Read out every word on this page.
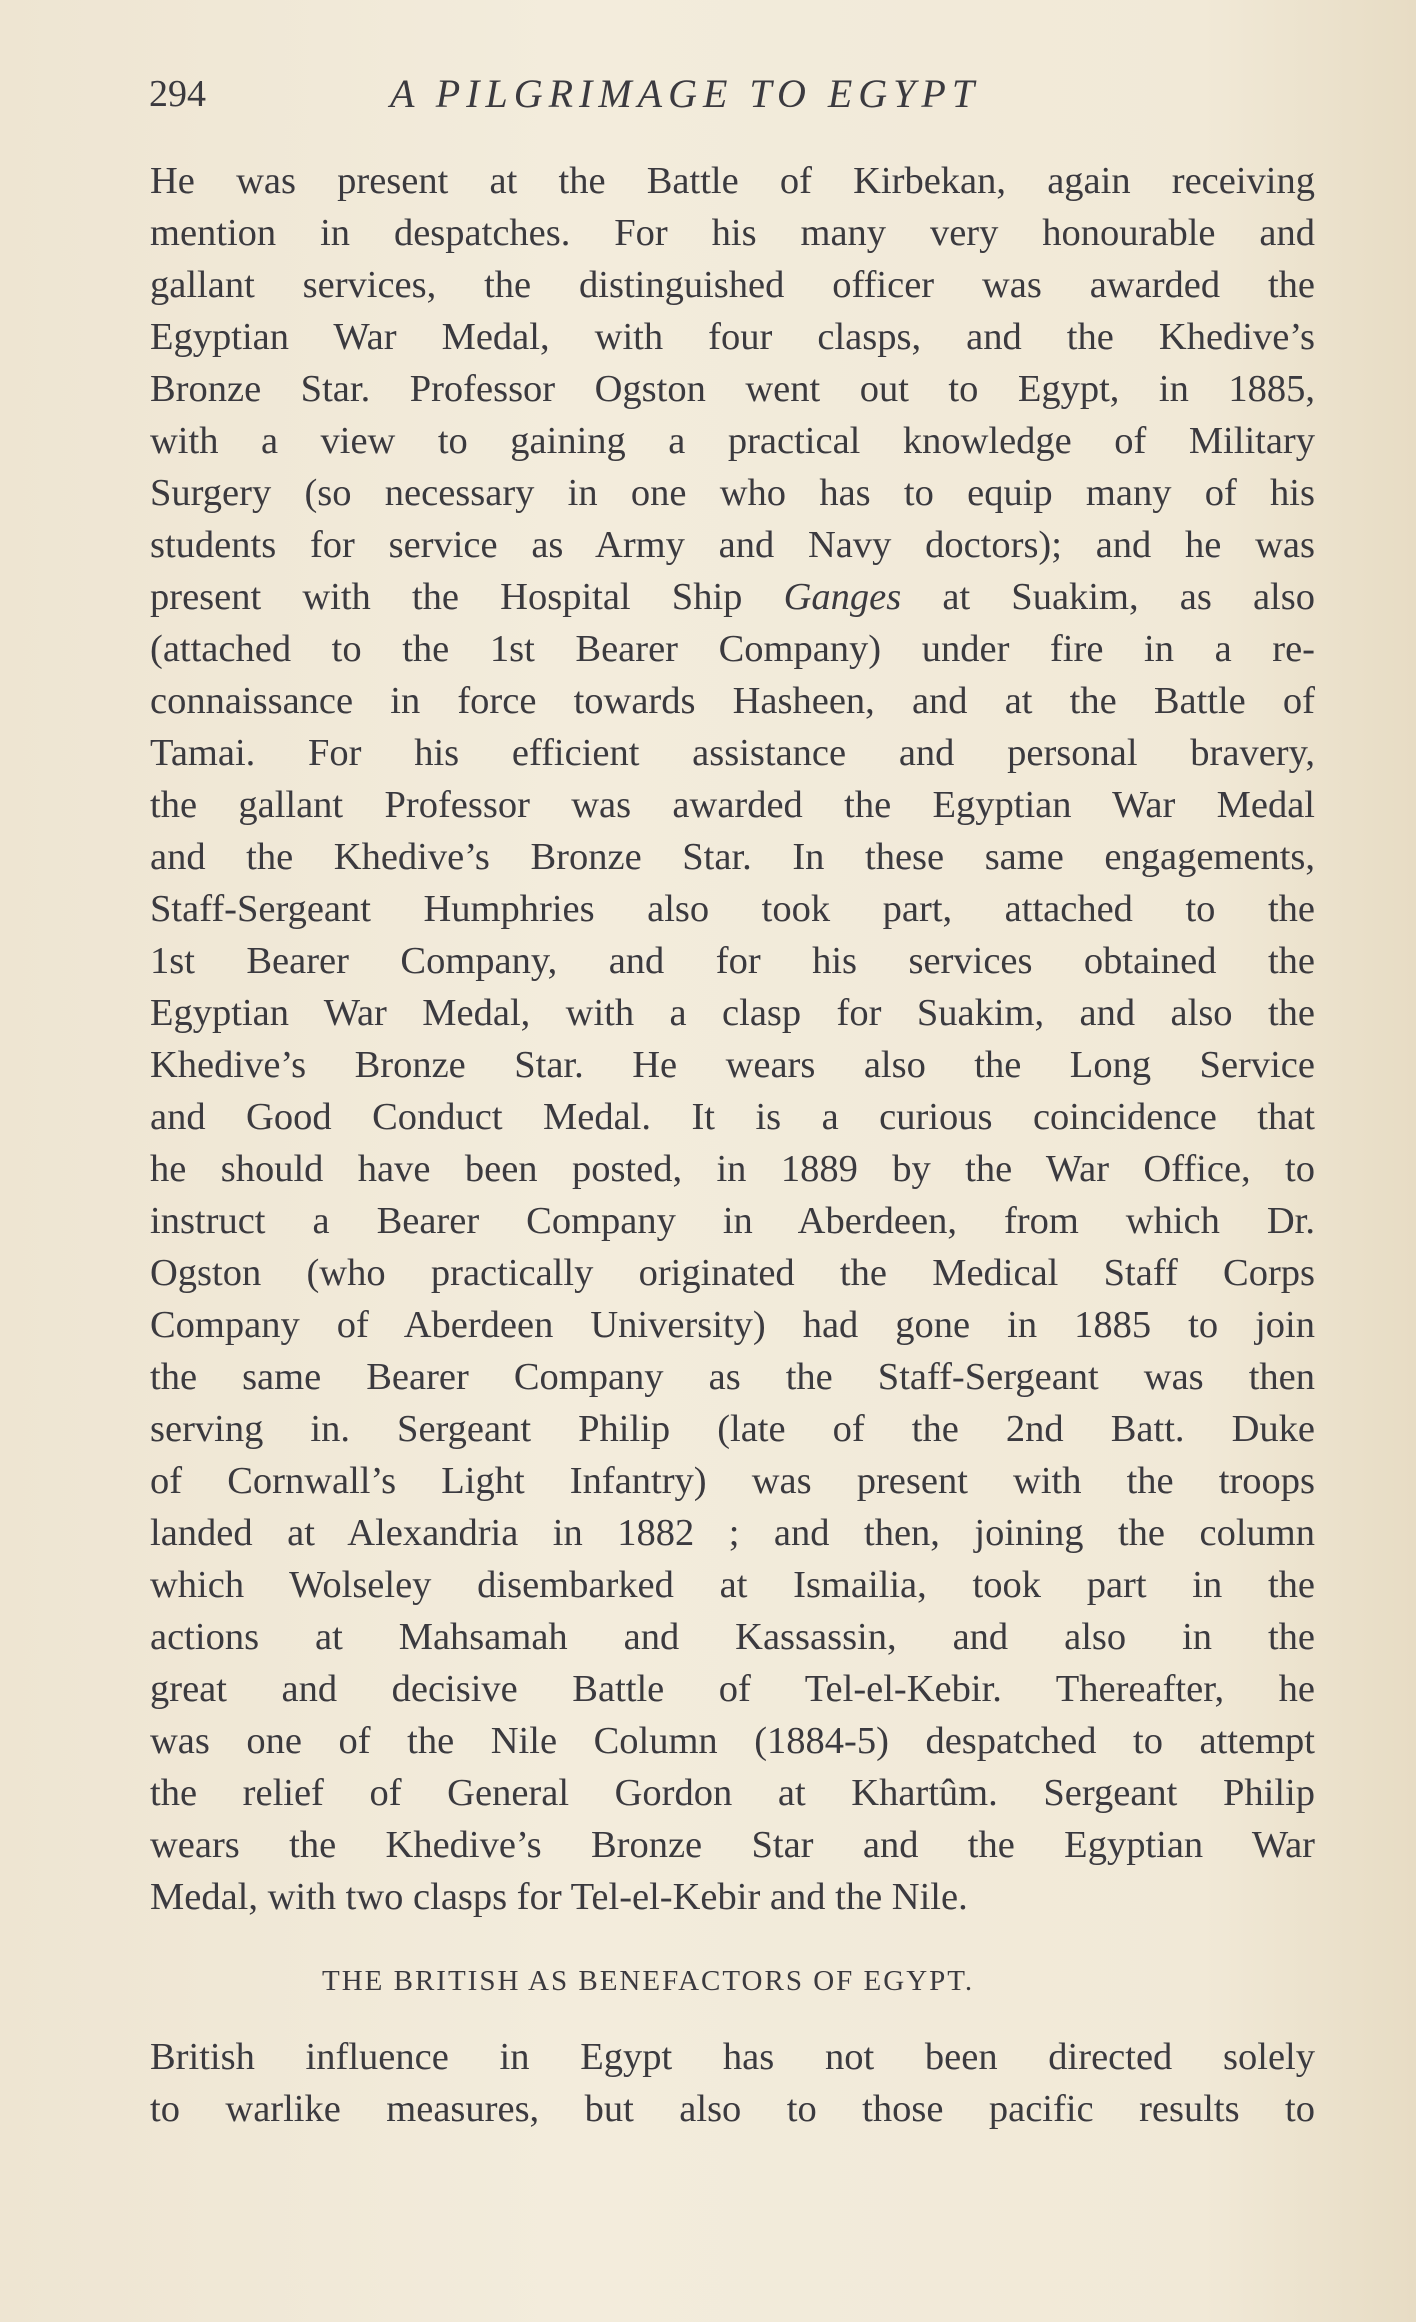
294	A PILGRIMAGE TO EGYPT
He was present at the Battle of Kirbekan, again receiving
mention in despatches. For his many very honourable and
gallant services, the distinguished officer was awarded the
Egyptian War Medal, with four clasps, and the Khedive’s
Bronze Star. Professor Ogston went out to Egypt, in 1885,
with a view to gaining a practical knowledge of Military
Surgery (so necessary in one who has to equip many of his
students for service as Army and Navy doctors); and he was
present with the Hospital Ship Ganges at Suakim, as also
(attached to the 1st Bearer Company) under fire in a re-
connaissance in force towards Hasheen, and at the Battle of
Tamai. For his efficient assistance and personal bravery,
the gallant Professor was awarded the Egyptian War Medal
and the Khedive’s Bronze Star. In these same engagements,
Staff-Sergeant Humphries also took part, attached to the
1st Bearer Company, and for his services obtained the
Egyptian War Medal, with a clasp for Suakim, and also the
Khedive’s Bronze Star. He wears also the Long Service
and Good Conduct Medal. It is a curious coincidence that
he should have been posted, in 1889 by the War Office, to
instruct a Bearer Company in Aberdeen, from which Dr.
Ogston (who practically originated the Medical Staff Corps
Company of Aberdeen University) had gone in 1885 to join
the same Bearer Company as the Staff-Sergeant was then
serving in. Sergeant Philip (late of the 2nd Batt. Duke
of Cornwall’s Light Infantry) was present with the troops
landed at Alexandria in 1882 ; and then, joining the column
which Wolseley disembarked at Ismailia, took part in the
actions at Mahsamah and Kassassin, and also in the
great and decisive Battle of Tel-el-Kebir. Thereafter, he
was one of the Nile Column (1884-5) despatched to attempt
the relief of General Gordon at Khartûm. Sergeant Philip
wears the Khedive’s Bronze Star and the Egyptian War
Medal, with two clasps for Tel-el-Kebir and the Nile.
THE BRITISH AS BENEFACTORS OF EGYPT.
British influence in Egypt has not been directed solely
to warlike measures, but also to those pacific results to
